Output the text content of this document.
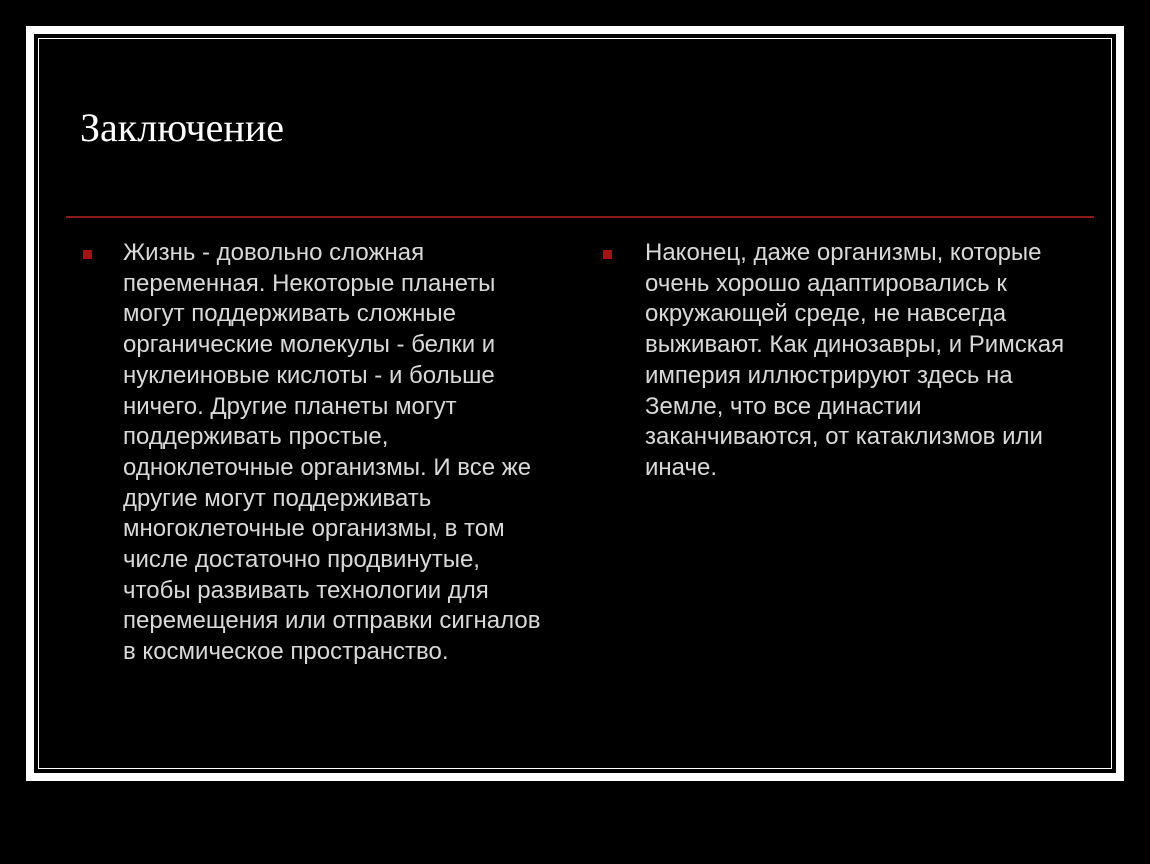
Заключение

Жизнь - довольно сложная переменная. Некоторые планеты могут поддерживать сложные органические молекулы - белки и нуклеиновые кислоты - и больше ничего. Другие планеты могут поддерживать простые, одноклеточные организмы. И все же другие могут поддерживать многоклеточные организмы, в том числе достаточно продвинутые, чтобы развивать технологии для перемещения или отправки сигналов в космическое пространство.

Наконец, даже организмы, которые очень хорошо адаптировались к окружающей среде, не навсегда выживают. Как динозавры, и Римская империя иллюстрируют здесь на Земле, что все династии заканчиваются, от катаклизмов или иначе.
